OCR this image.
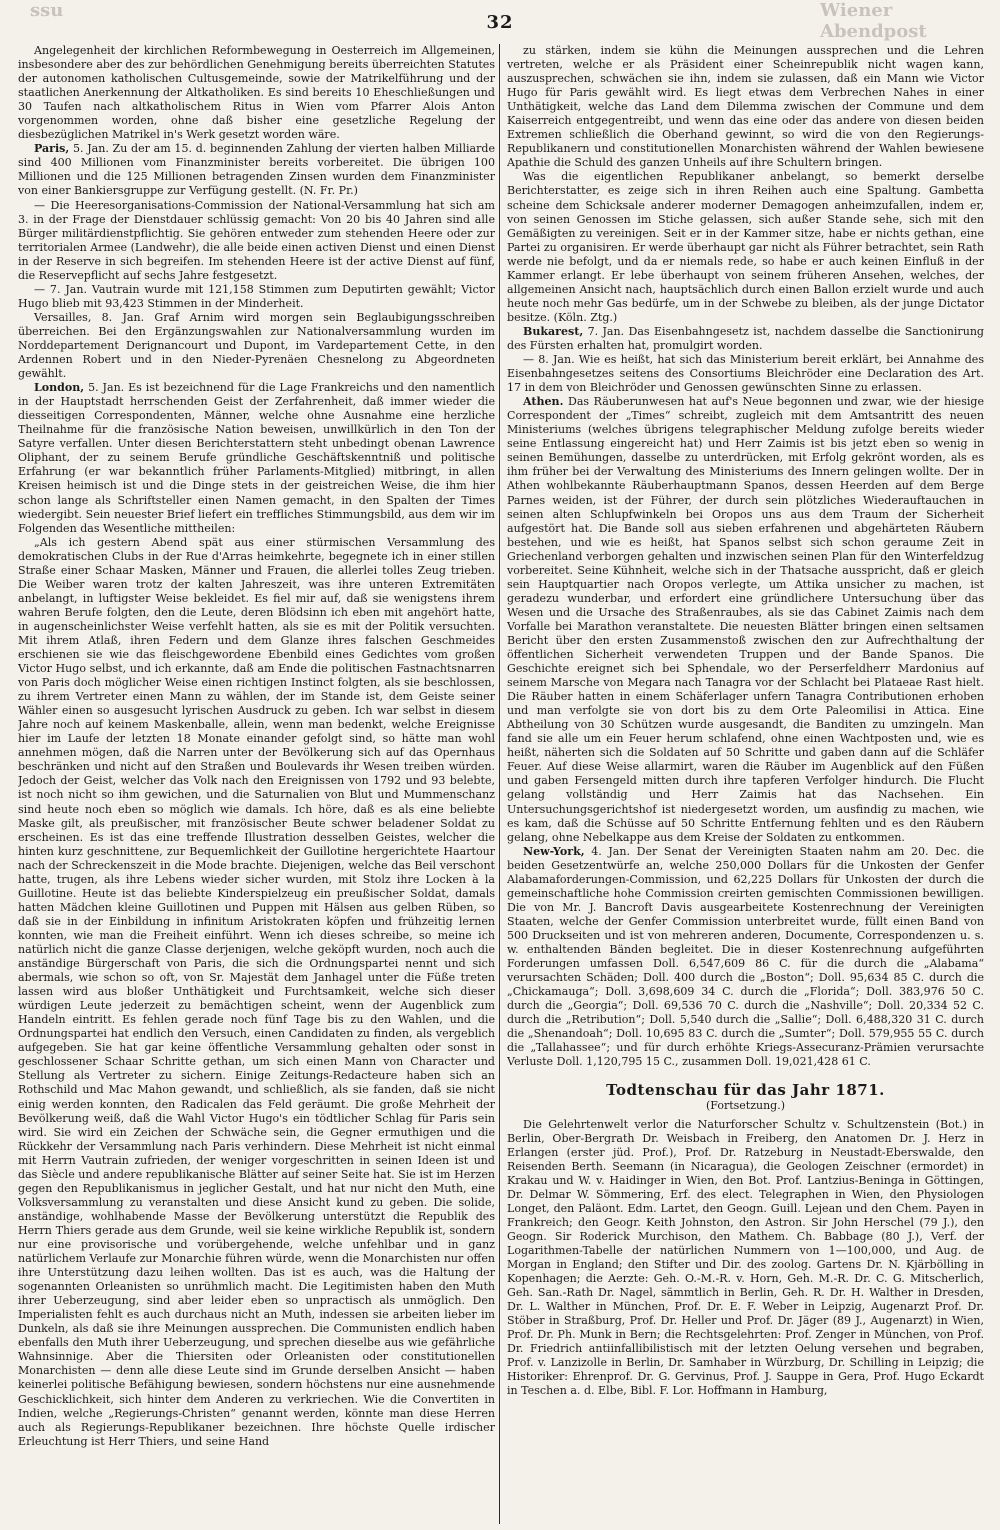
ssu
32
Wiener Abendpost

Angelegenheit der kirchlichen Reformbewegung in Oesterreich im Allgemeinen, insbesondere aber des zur behördlichen Genehmigung bereits überreichten Statutes der autonomen katholischen Cultusgemeinde, sowie der Matrikelführung und der staatlichen Anerkennung der Altkatholiken. Es sind bereits 10 Eheschließungen und 30 Taufen nach altkatholischem Ritus in Wien vom Pfarrer Alois Anton vorgenommen worden, ohne daß bisher eine gesetzliche Regelung der diesbezüglichen Matrikel in's Werk gesetzt worden wäre.

Paris, 5. Jan. Zu der am 15. d. beginnenden Zahlung der vierten halben Milliarde sind 400 Millionen vom Finanzminister bereits vorbereitet. Die übrigen 100 Millionen und die 125 Millionen betragenden Zinsen wurden dem Finanzminister von einer Bankiersgruppe zur Verfügung gestellt. (N. Fr. Pr.)

— Die Heeresorganisations-Commission der National-Versammlung hat sich am 3. in der Frage der Dienstdauer schlüssig gemacht: Von 20 bis 40 Jahren sind alle Bürger militärdienstpflichtig. Sie gehören entweder zum stehenden Heere oder zur territorialen Armee (Landwehr), die alle beide einen activen Dienst und einen Dienst in der Reserve in sich begreifen. Im stehenden Heere ist der active Dienst auf fünf, die Reservepflicht auf sechs Jahre festgesetzt.

— 7. Jan. Vautrain wurde mit 121,158 Stimmen zum Deputirten gewählt; Victor Hugo blieb mit 93,423 Stimmen in der Minderheit.

Versailles, 8. Jan. Graf Arnim wird morgen sein Beglaubigungsschreiben überreichen. Bei den Ergänzungswahlen zur Nationalversammlung wurden im Norddepartement Derignancourt und Dupont, im Vardepartement Cette, in den Ardennen Robert und in den Nieder-Pyrenäen Chesnelong zu Abgeordneten gewählt.

London, 5. Jan. Es ist bezeichnend für die Lage Frankreichs und den namentlich in der Hauptstadt herrschenden Geist der Zerfahrenheit, daß immer wieder die diesseitigen Correspondenten, Männer, welche ohne Ausnahme eine herzliche Theilnahme für die französische Nation beweisen, unwillkürlich in den Ton der Satyre verfallen. Unter diesen Berichterstattern steht unbedingt obenan Lawrence Oliphant, der zu seinem Berufe gründliche Geschäftskenntniß und politische Erfahrung (er war bekanntlich früher Parlaments-Mitglied) mitbringt, in allen Kreisen heimisch ist und die Dinge stets in der geistreichen Weise, die ihm hier schon lange als Schriftsteller einen Namen gemacht, in den Spalten der Times wiedergibt. Sein neuester Brief liefert ein treffliches Stimmungsbild, aus dem wir im Folgenden das Wesentliche mittheilen:

„Als ich gestern Abend spät aus einer stürmischen Versammlung des demokratischen Clubs in der Rue d'Arras heimkehrte, begegnete ich in einer stillen Straße einer Schaar Masken, Männer und Frauen, die allerlei tolles Zeug trieben. Die Weiber waren trotz der kalten Jahreszeit, was ihre unteren Extremitäten anbelangt, in luftigster Weise bekleidet. Es fiel mir auf, daß sie wenigstens ihrem wahren Berufe folgten, den die Leute, deren Blödsinn ich eben mit angehört hatte, in augenscheinlichster Weise verfehlt hatten, als sie es mit der Politik versuchten. Mit ihrem Atlaß, ihren Federn und dem Glanze ihres falschen Geschmeides erschienen sie wie das fleischgewordene Ebenbild eines Gedichtes vom großen Victor Hugo selbst, und ich erkannte, daß am Ende die politischen Fastnachtsnarren von Paris doch möglicher Weise einen richtigen Instinct folgten, als sie beschlossen, zu ihrem Vertreter einen Mann zu wählen, der im Stande ist, dem Geiste seiner Wähler einen so ausgesucht lyrischen Ausdruck zu geben. Ich war selbst in diesem Jahre noch auf keinem Maskenballe, allein, wenn man bedenkt, welche Ereignisse hier im Laufe der letzten 18 Monate einander gefolgt sind, so hätte man wohl annehmen mögen, daß die Narren unter der Bevölkerung sich auf das Opernhaus beschränken und nicht auf den Straßen und Boulevards ihr Wesen treiben würden. Jedoch der Geist, welcher das Volk nach den Ereignissen von 1792 und 93 belebte, ist noch nicht so ihm gewichen, und die Saturnalien von Blut und Mummenschanz sind heute noch eben so möglich wie damals. Ich höre, daß es als eine beliebte Maske gilt, als preußischer, mit französischer Beute schwer beladener Soldat zu erscheinen. Es ist das eine treffende Illustration desselben Geistes, welcher die hinten kurz geschnittene, zur Bequemlichkeit der Guillotine hergerichtete Haartour nach der Schreckenszeit in die Mode brachte. Diejenigen, welche das Beil verschont hatte, trugen, als ihre Lebens wieder sicher wurden, mit Stolz ihre Locken à la Guillotine. Heute ist das beliebte Kinderspielzeug ein preußischer Soldat, damals hatten Mädchen kleine Guillotinen und Puppen mit Hälsen aus gelben Rüben, so daß sie in der Einbildung in infinitum Aristokraten köpfen und frühzeitig lernen konnten, wie man die Freiheit einführt. Wenn ich dieses schreibe, so meine ich natürlich nicht die ganze Classe derjenigen, welche geköpft wurden, noch auch die anständige Bürgerschaft von Paris, die sich die Ordnungspartei nennt und sich abermals, wie schon so oft, von Sr. Majestät dem Janhagel unter die Füße treten lassen wird aus bloßer Unthätigkeit und Furchtsamkeit, welche sich dieser würdigen Leute jederzeit zu bemächtigen scheint, wenn der Augenblick zum Handeln eintritt. Es fehlen gerade noch fünf Tage bis zu den Wahlen, und die Ordnungspartei hat endlich den Versuch, einen Candidaten zu finden, als vergeblich aufgegeben. Sie hat gar keine öffentliche Versammlung gehalten oder sonst in geschlossener Schaar Schritte gethan, um sich einen Mann von Character und Stellung als Vertreter zu sichern. Einige Zeitungs-Redacteure haben sich an Rothschild und Mac Mahon gewandt, und schließlich, als sie fanden, daß sie nicht einig werden konnten, den Radicalen das Feld geräumt. Die große Mehrheit der Bevölkerung weiß, daß die Wahl Victor Hugo's ein tödtlicher Schlag für Paris sein wird. Sie wird ein Zeichen der Schwäche sein, die Gegner ermuthigen und die Rückkehr der Versammlung nach Paris verhindern. Diese Mehrheit ist nicht einmal mit Herrn Vautrain zufrieden, der weniger vorgeschritten in seinen Ideen ist und das Siècle und andere republikanische Blätter auf seiner Seite hat. Sie ist im Herzen gegen den Republikanismus in jeglicher Gestalt, und hat nur nicht den Muth, eine Volksversammlung zu veranstalten und diese Ansicht kund zu geben. Die solide, anständige, wohlhabende Masse der Bevölkerung unterstützt die Republik des Herrn Thiers gerade aus dem Grunde, weil sie keine wirkliche Republik ist, sondern nur eine provisorische und vorübergehende, welche unfehlbar und in ganz natürlichem Verlaufe zur Monarchie führen würde, wenn die Monarchisten nur offen ihre Unterstützung dazu leihen wollten. Das ist es auch, was die Haltung der sogenannten Orleanisten so unrühmlich macht. Die Legitimisten haben den Muth ihrer Ueberzeugung, sind aber leider eben so unpractisch als unmöglich. Den Imperialisten fehlt es auch durchaus nicht an Muth, indessen sie arbeiten lieber im Dunkeln, als daß sie ihre Meinungen aussprechen. Die Communisten endlich haben ebenfalls den Muth ihrer Ueberzeugung, und sprechen dieselbe aus wie gefährliche Wahnsinnige. Aber die Thiersiten oder Orleanisten oder constitutionellen Monarchisten — denn alle diese Leute sind im Grunde derselben Ansicht — haben keinerlei politische Befähigung bewiesen, sondern höchstens nur eine ausnehmende Geschicklichkeit, sich hinter dem Anderen zu verkriechen. Wie die Convertiten in Indien, welche „Regierungs-Christen“ genannt werden, könnte man diese Herren auch als Regierungs-Republikaner bezeichnen. Ihre höchste Quelle irdischer Erleuchtung ist Herr Thiers, und seine Hand

zu stärken, indem sie kühn die Meinungen aussprechen und die Lehren vertreten, welche er als Präsident einer Scheinrepublik nicht wagen kann, auszusprechen, schwächen sie ihn, indem sie zulassen, daß ein Mann wie Victor Hugo für Paris gewählt wird. Es liegt etwas dem Verbrechen Nahes in einer Unthätigkeit, welche das Land dem Dilemma zwischen der Commune und dem Kaiserreich entgegentreibt, und wenn das eine oder das andere von diesen beiden Extremen schließlich die Oberhand gewinnt, so wird die von den Regierungs-Republikanern und constitutionellen Monarchisten während der Wahlen bewiesene Apathie die Schuld des ganzen Unheils auf ihre Schultern bringen.

Was die eigentlichen Republikaner anbelangt, so bemerkt derselbe Berichterstatter, es zeige sich in ihren Reihen auch eine Spaltung. Gambetta scheine dem Schicksale anderer moderner Demagogen anheimzufallen, indem er, von seinen Genossen im Stiche gelassen, sich außer Stande sehe, sich mit den Gemäßigten zu vereinigen. Seit er in der Kammer sitze, habe er nichts gethan, eine Partei zu organisiren. Er werde überhaupt gar nicht als Führer betrachtet, sein Rath werde nie befolgt, und da er niemals rede, so habe er auch keinen Einfluß in der Kammer erlangt. Er lebe überhaupt von seinem früheren Ansehen, welches, der allgemeinen Ansicht nach, hauptsächlich durch einen Ballon erzielt wurde und auch heute noch mehr Gas bedürfe, um in der Schwebe zu bleiben, als der junge Dictator besitze. (Köln. Ztg.)

Bukarest, 7. Jan. Das Eisenbahngesetz ist, nachdem dasselbe die Sanctionirung des Fürsten erhalten hat, promulgirt worden.

— 8. Jan. Wie es heißt, hat sich das Ministerium bereit erklärt, bei Annahme des Eisenbahngesetzes seitens des Consortiums Bleichröder eine Declaration des Art. 17 in dem von Bleichröder und Genossen gewünschten Sinne zu erlassen.

Athen. Das Räuberunwesen hat auf's Neue begonnen und zwar, wie der hiesige Correspondent der „Times“ schreibt, zugleich mit dem Amtsantritt des neuen Ministeriums (welches übrigens telegraphischer Meldung zufolge bereits wieder seine Entlassung eingereicht hat) und Herr Zaimis ist bis jetzt eben so wenig in seinen Bemühungen, dasselbe zu unterdrücken, mit Erfolg gekrönt worden, als es ihm früher bei der Verwaltung des Ministeriums des Innern gelingen wollte. Der in Athen wohlbekannte Räuberhauptmann Spanos, dessen Heerden auf dem Berge Parnes weiden, ist der Führer, der durch sein plötzliches Wiederauftauchen in seinen alten Schlupfwinkeln bei Oropos uns aus dem Traum der Sicherheit aufgestört hat. Die Bande soll aus sieben erfahrenen und abgehärteten Räubern bestehen, und wie es heißt, hat Spanos selbst sich schon geraume Zeit in Griechenland verborgen gehalten und inzwischen seinen Plan für den Winterfeldzug vorbereitet. Seine Kühnheit, welche sich in der Thatsache ausspricht, daß er gleich sein Hauptquartier nach Oropos verlegte, um Attika unsicher zu machen, ist geradezu wunderbar, und erfordert eine gründlichere Untersuchung über das Wesen und die Ursache des Straßenraubes, als sie das Cabinet Zaimis nach dem Vorfalle bei Marathon veranstaltete. Die neuesten Blätter bringen einen seltsamen Bericht über den ersten Zusammenstoß zwischen den zur Aufrechthaltung der öffentlichen Sicherheit verwendeten Truppen und der Bande Spanos. Die Geschichte ereignet sich bei Sphendale, wo der Perserfeldherr Mardonius auf seinem Marsche von Megara nach Tanagra vor der Schlacht bei Plataeae Rast hielt. Die Räuber hatten in einem Schäferlager unfern Tanagra Contributionen erhoben und man verfolgte sie von dort bis zu dem Orte Paleomilisi in Attica. Eine Abtheilung von 30 Schützen wurde ausgesandt, die Banditen zu umzingeln. Man fand sie alle um ein Feuer herum schlafend, ohne einen Wachtposten und, wie es heißt, näherten sich die Soldaten auf 50 Schritte und gaben dann auf die Schläfer Feuer. Auf diese Weise allarmirt, waren die Räuber im Augenblick auf den Füßen und gaben Fersengeld mitten durch ihre tapferen Verfolger hindurch. Die Flucht gelang vollständig und Herr Zaimis hat das Nachsehen. Ein Untersuchungsgerichtshof ist niedergesetzt worden, um ausfindig zu machen, wie es kam, daß die Schüsse auf 50 Schritte Entfernung fehlten und es den Räubern gelang, ohne Nebelkappe aus dem Kreise der Soldaten zu entkommen.

New-York, 4. Jan. Der Senat der Vereinigten Staaten nahm am 20. Dec. die beiden Gesetzentwürfe an, welche 250,000 Dollars für die Unkosten der Genfer Alabamaforderungen-Commission, und 62,225 Dollars für Unkosten der durch die gemeinschaftliche hohe Commission creirten gemischten Commissionen bewilligen. Die von Mr. J. Bancroft Davis ausgearbeitete Kostenrechnung der Vereinigten Staaten, welche der Genfer Commission unterbreitet wurde, füllt einen Band von 500 Druckseiten und ist von mehreren anderen, Documente, Correspondenzen u. s. w. enthaltenden Bänden begleitet. Die in dieser Kostenrechnung aufgeführten Forderungen umfassen Doll. 6,547,609 86 C. für die durch die „Alabama“ verursachten Schäden; Doll. 400 durch die „Boston“; Doll. 95,634 85 C. durch die „Chickamauga“; Doll. 3,698,609 34 C. durch die „Florida“; Doll. 383,976 50 C. durch die „Georgia“; Doll. 69,536 70 C. durch die „Nashville“; Doll. 20,334 52 C. durch die „Retribution“; Doll. 5,540 durch die „Sallie“; Doll. 6,488,320 31 C. durch die „Shenandoah“; Doll. 10,695 83 C. durch die „Sumter“; Doll. 579,955 55 C. durch die „Tallahassee“; und für durch erhöhte Kriegs-Assecuranz-Prämien verursachte Verluste Doll. 1,120,795 15 C., zusammen Doll. 19,021,428 61 C.

Todtenschau für das Jahr 1871.
(Fortsetzung.)

Die Gelehrtenwelt verlor die Naturforscher Schultz v. Schultzenstein (Bot.) in Berlin, Ober-Bergrath Dr. Weisbach in Freiberg, den Anatomen Dr. J. Herz in Erlangen (erster jüd. Prof.), Prof. Dr. Ratzeburg in Neustadt-Eberswalde, den Reisenden Berth. Seemann (in Nicaragua), die Geologen Zeischner (ermordet) in Krakau und W. v. Haidinger in Wien, den Bot. Prof. Lantzius-Beninga in Göttingen, Dr. Delmar W. Sömmering, Erf. des elect. Telegraphen in Wien, den Physiologen Longet, den Paläont. Edm. Lartet, den Geogn. Guill. Lejean und den Chem. Payen in Frankreich; den Geogr. Keith Johnston, den Astron. Sir John Herschel (79 J.), den Geogn. Sir Roderick Murchison, den Mathem. Ch. Babbage (80 J.), Verf. der Logarithmen-Tabelle der natürlichen Nummern von 1—100,000, und Aug. de Morgan in England; den Stifter und Dir. des zoolog. Gartens Dr. N. Kjärbölling in Kopenhagen; die Aerzte: Geh. O.-M.-R. v. Horn, Geh. M.-R. Dr. C. G. Mitscherlich, Geh. San.-Rath Dr. Nagel, sämmtlich in Berlin, Geh. R. Dr. H. Walther in Dresden, Dr. L. Walther in München, Prof. Dr. E. F. Weber in Leipzig, Augenarzt Prof. Dr. Stöber in Straßburg, Prof. Dr. Heller und Prof. Dr. Jäger (89 J., Augenarzt) in Wien, Prof. Dr. Ph. Munk in Bern; die Rechtsgelehrten: Prof. Zenger in München, von Prof. Dr. Friedrich antiinfallibilistisch mit der letzten Oelung versehen und begraben, Prof. v. Lanzizolle in Berlin, Dr. Samhaber in Würzburg, Dr. Schilling in Leipzig; die Historiker: Ehrenprof. Dr. G. Gervinus, Prof. J. Sauppe in Gera, Prof. Hugo Eckardt in Teschen a. d. Elbe, Bibl. F. Lor. Hoffmann in Hamburg,
